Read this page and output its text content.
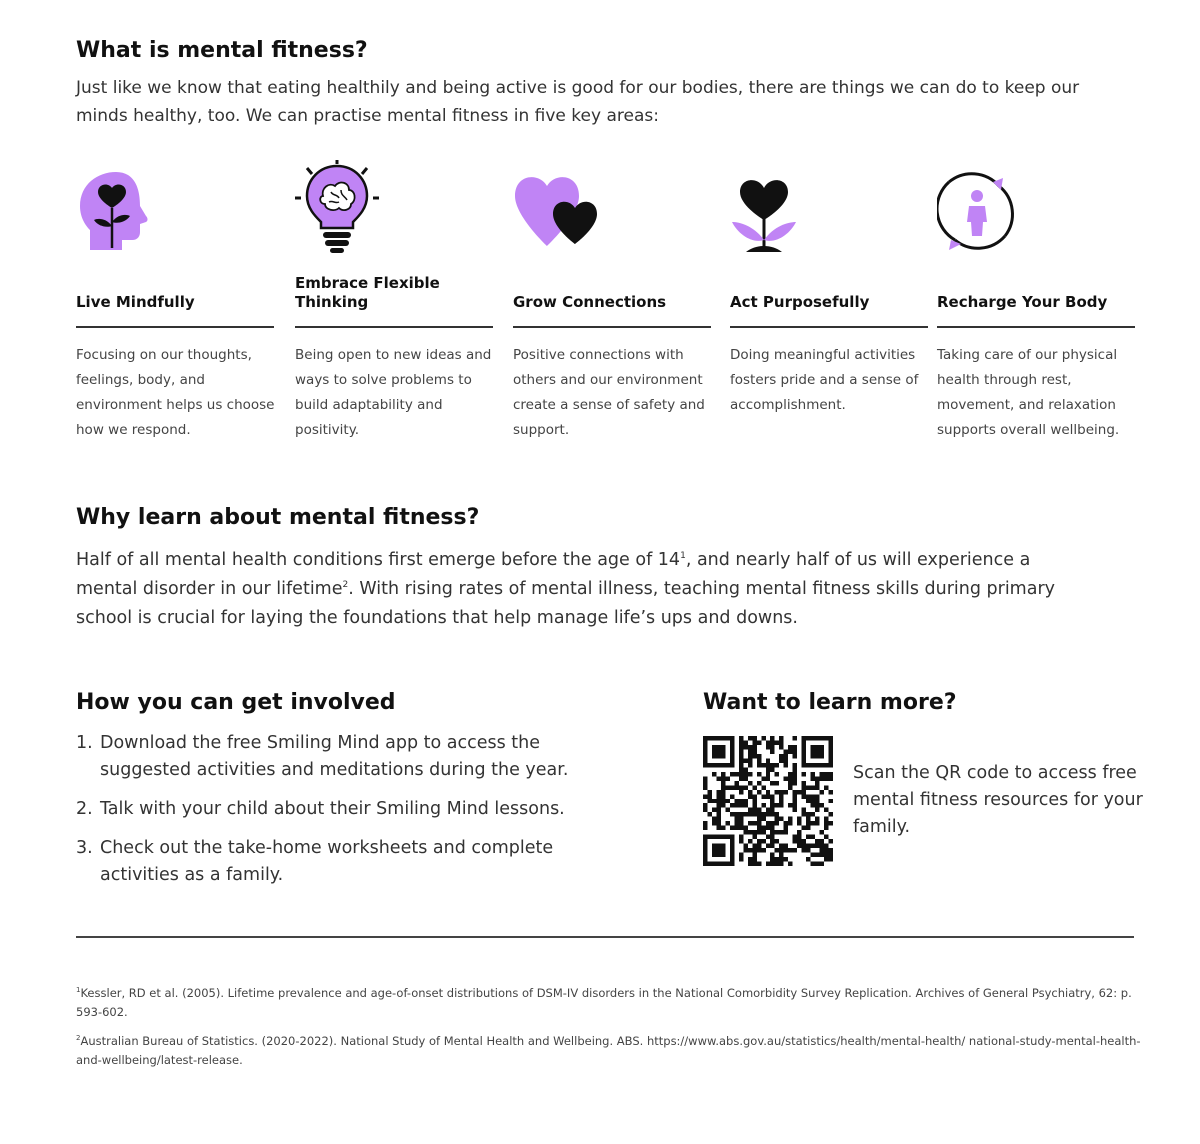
What is mental fitness?

Just like we know that eating healthily and being active is good for our bodies, there are things we can do to keep our minds healthy, too. We can practise mental fitness in five key areas:

Live Mindfully
Focusing on our thoughts, feelings, body, and environment helps us choose how we respond.
Embrace Flexible Thinking
Being open to new ideas and ways to solve problems to build adaptability and positivity.
Grow Connections
Positive connections with others and our environment create a sense of safety and support.
Act Purposefully
Doing meaningful activities fosters pride and a sense of accomplishment.
Recharge Your Body
Taking care of our physical health through rest, movement, and relaxation supports overall wellbeing.
Why learn about mental fitness?

Half of all mental health conditions first emerge before the age of $14^1$, and nearly half of us will experience a mental disorder in our lifetime$^2$. With rising rates of mental illness, teaching mental fitness skills during primary school is crucial for laying the foundations that help manage life’s ups and downs.

How you can get involved
1. Download the free Smiling Mind app to access the suggested activities and meditations during the year.
2. Talk with your child about their Smiling Mind lessons.
3. Check out the take-home worksheets and complete activities as a family.
Want to learn more?

Scan the QR code to access free mental fitness resources for your family.

$^1$Kessler, RD et al. (2005). Lifetime prevalence and age-of-onset distributions of DSM-IV disorders in the National Comorbidity Survey Replication. Archives of General Psychiatry, 62: p. 593-602.

$^2$Australian Bureau of Statistics. (2020-2022). National Study of Mental Health and Wellbeing. ABS. https://www.abs.gov.au/statistics/health/mental-health/ national-study-mental-health-and-wellbeing/latest-release.
